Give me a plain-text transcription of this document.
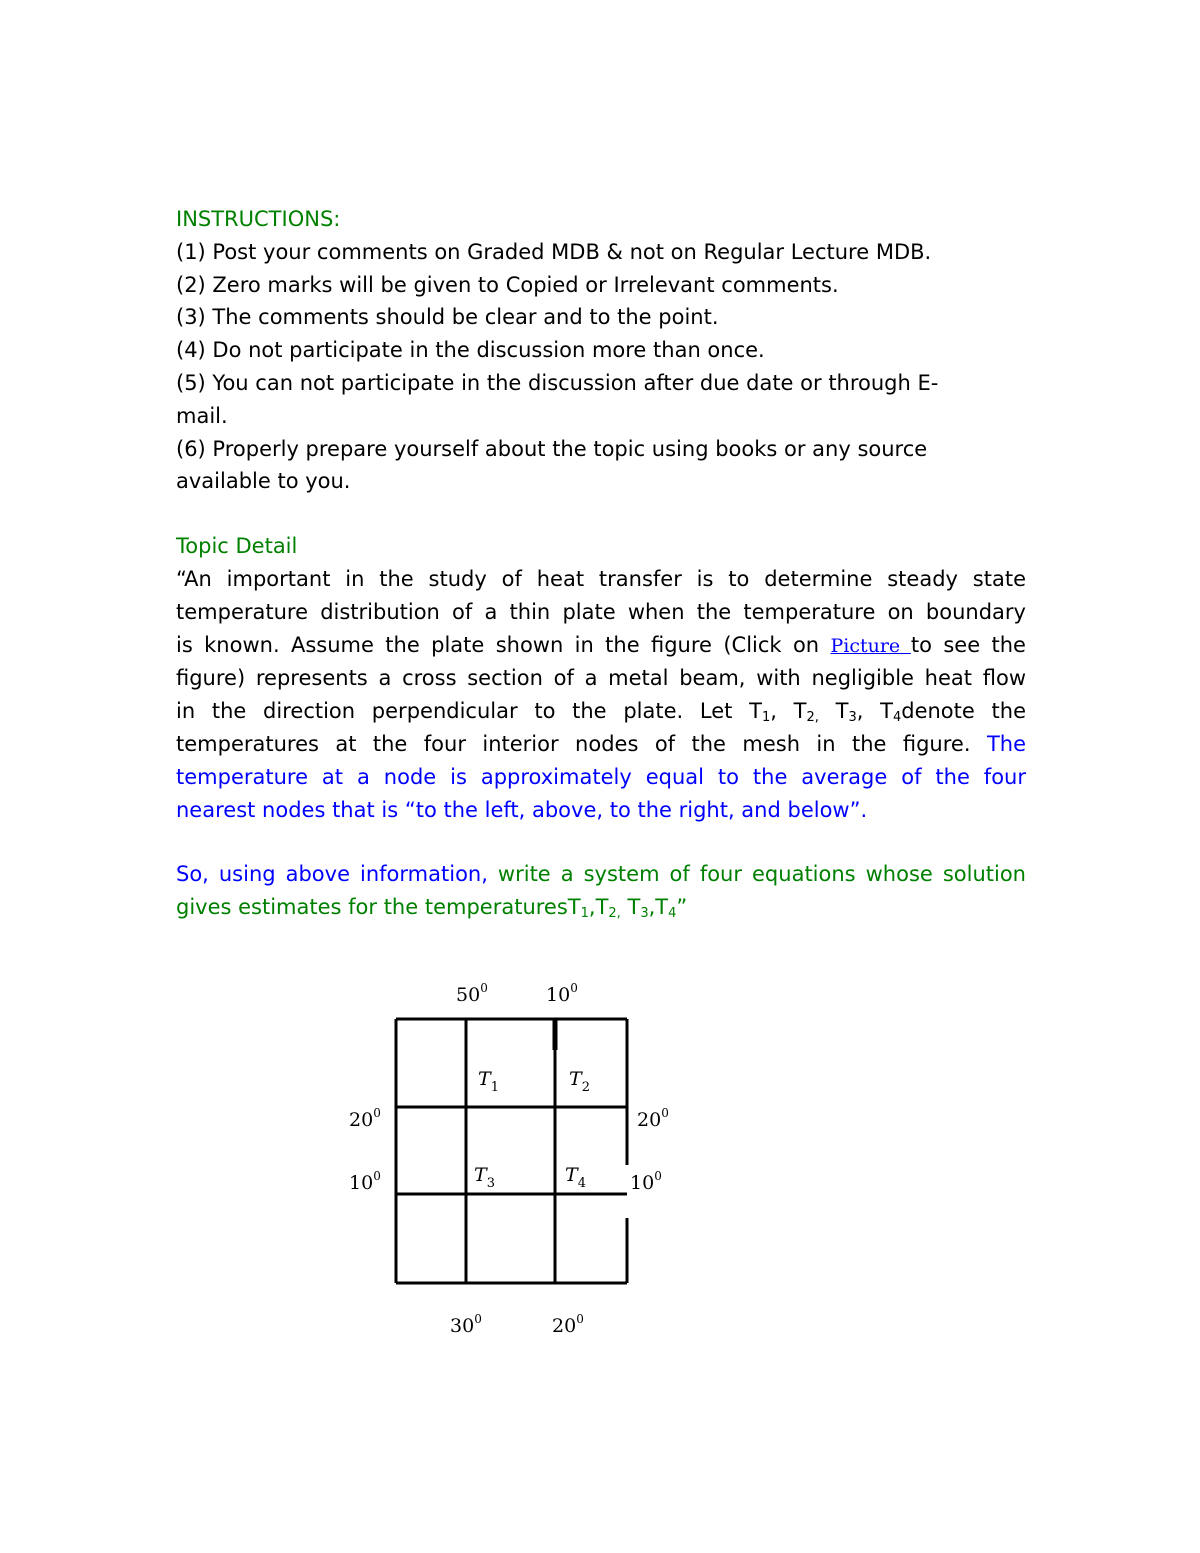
INSTRUCTIONS:
(1) Post your comments on Graded MDB & not on Regular Lecture MDB.
(2) Zero marks will be given to Copied or Irrelevant comments.
(3) The comments should be clear and to the point.
(4) Do not participate in the discussion more than once.
(5) You can not participate in the discussion after due date or through E-
mail.
(6) Properly prepare yourself about the topic using books or any source
available to you.
Topic Detail
“An important in the study of heat transfer is to determine steady state
temperature distribution of a thin plate when the temperature on boundary
is known. Assume the plate shown in the figure (Click on Picture to see the
figure) represents a cross section of a metal beam, with negligible heat flow
in the direction perpendicular to the plate. Let $T_1$, $T_{2,}$ $T_3$, $T_4denote$ the
temperatures at the four interior nodes of the mesh in the figure. The
temperature at a node is approximately equal to the average of the four
nearest nodes that is “to the left, above, to the right, and below”.
So, using above information, write a system of four equations whose solution
gives estimates for the $temperaturesT_1,T_{2,}$ $T_3,T_4$”
$50^0$	$10^0$
$20^0$
$10^0$
$20^0$
$10^0$
$30^0$	$20^0$
$T_1$	$T_2$
$T_3$	$T_4$
